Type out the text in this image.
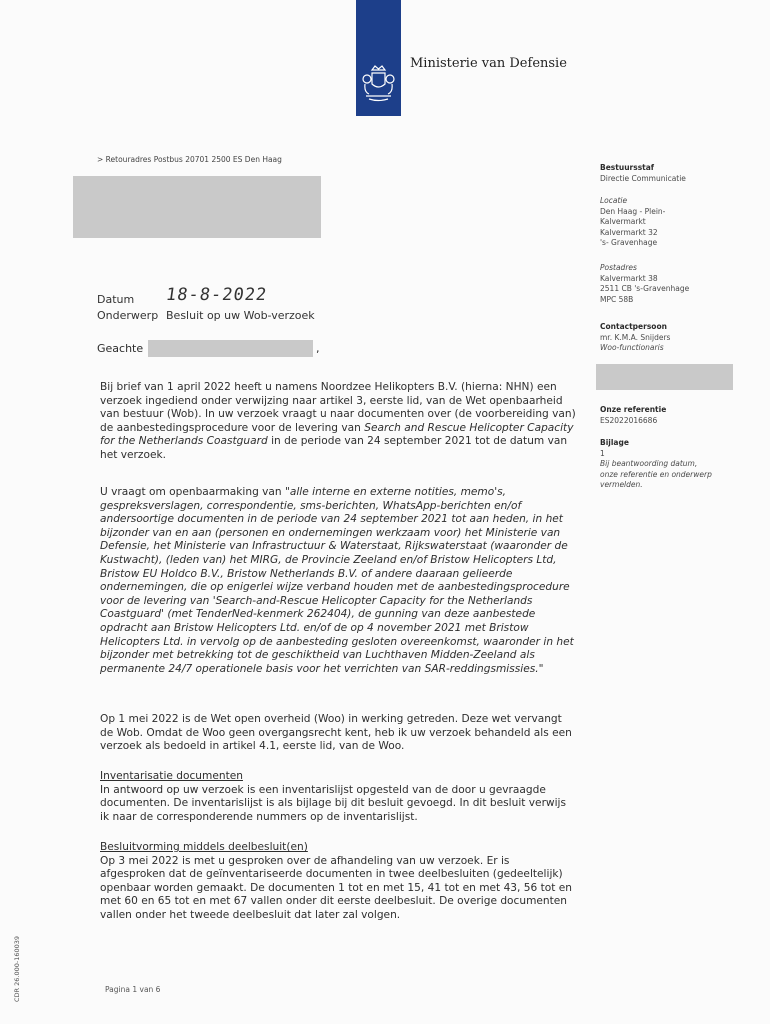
Ministerie van Defensie
> Retouradres Postbus 20701 2500 ES Den Haag
Bestuursstaf
Directie Communicatie
Locatie
Den Haag - Plein-
Kalvermarkt
Kalvermarkt 32
's- Gravenhage
Postadres
Kalvermarkt 38
2511 CB 's-Gravenhage
MPC 58B
Contactpersoon
mr. K.M.A. Snijders
Woo-functionaris
Onze referentie
ES2022016686
Bijlage
1
Bij beantwoording datum,
onze referentie en onderwerp
vermelden.
Datum 18-8-2022
Onderwerp Besluit op uw Wob-verzoek
Geachte	,
Bij brief van 1 april 2022 heeft u namens Noordzee Helikopters B.V. (hierna: NHN) een verzoek ingediend onder verwijzing naar artikel 3, eerste lid, van de Wet openbaarheid van bestuur (Wob). In uw verzoek vraagt u naar documenten over (de voorbereiding van) de aanbestedingsprocedure voor de levering van Search and Rescue Helicopter Capacity for the Netherlands Coastguard in de periode van 24 september 2021 tot de datum van het verzoek.
U vraagt om openbaarmaking van "alle interne en externe notities, memo's, gespreksverslagen, correspondentie, sms-berichten, WhatsApp-berichten en/of andersoortige documenten in de periode van 24 september 2021 tot aan heden, in het bijzonder van en aan (personen en ondernemingen werkzaam voor) het Ministerie van Defensie, het Ministerie van Infrastructuur & Waterstaat, Rijkswaterstaat (waaronder de Kustwacht), (leden van) het MIRG, de Provincie Zeeland en/of Bristow Helicopters Ltd, Bristow EU Holdco B.V., Bristow Netherlands B.V. of andere daaraan gelieerde ondernemingen, die op enigerlei wijze verband houden met de aanbestedingsprocedure voor de levering van 'Search-and-Rescue Helicopter Capacity for the Netherlands Coastguard' (met TenderNed-kenmerk 262404), de gunning van deze aanbestede opdracht aan Bristow Helicopters Ltd. en/of de op 4 november 2021 met Bristow Helicopters Ltd. in vervolg op de aanbesteding gesloten overeenkomst, waaronder in het bijzonder met betrekking tot de geschiktheid van Luchthaven Midden-Zeeland als permanente 24/7 operationele basis voor het verrichten van SAR-reddingsmissies."
Op 1 mei 2022 is de Wet open overheid (Woo) in werking getreden. Deze wet vervangt de Wob. Omdat de Woo geen overgangsrecht kent, heb ik uw verzoek behandeld als een verzoek als bedoeld in artikel 4.1, eerste lid, van de Woo.
Inventarisatie documenten
In antwoord op uw verzoek is een inventarislijst opgesteld van de door u gevraagde documenten. De inventarislijst is als bijlage bij dit besluit gevoegd. In dit besluit verwijs ik naar de corresponderende nummers op de inventarislijst.
Besluitvorming middels deelbesluit(en)
Op 3 mei 2022 is met u gesproken over de afhandeling van uw verzoek. Er is afgesproken dat de geïnventariseerde documenten in twee deelbesluiten (gedeeltelijk) openbaar worden gemaakt. De documenten 1 tot en met 15, 41 tot en met 43, 56 tot en met 60 en 65 tot en met 67 vallen onder dit eerste deelbesluit. De overige documenten vallen onder het tweede deelbesluit dat later zal volgen.
Pagina 1 van 6
CDR 26.000-160039
